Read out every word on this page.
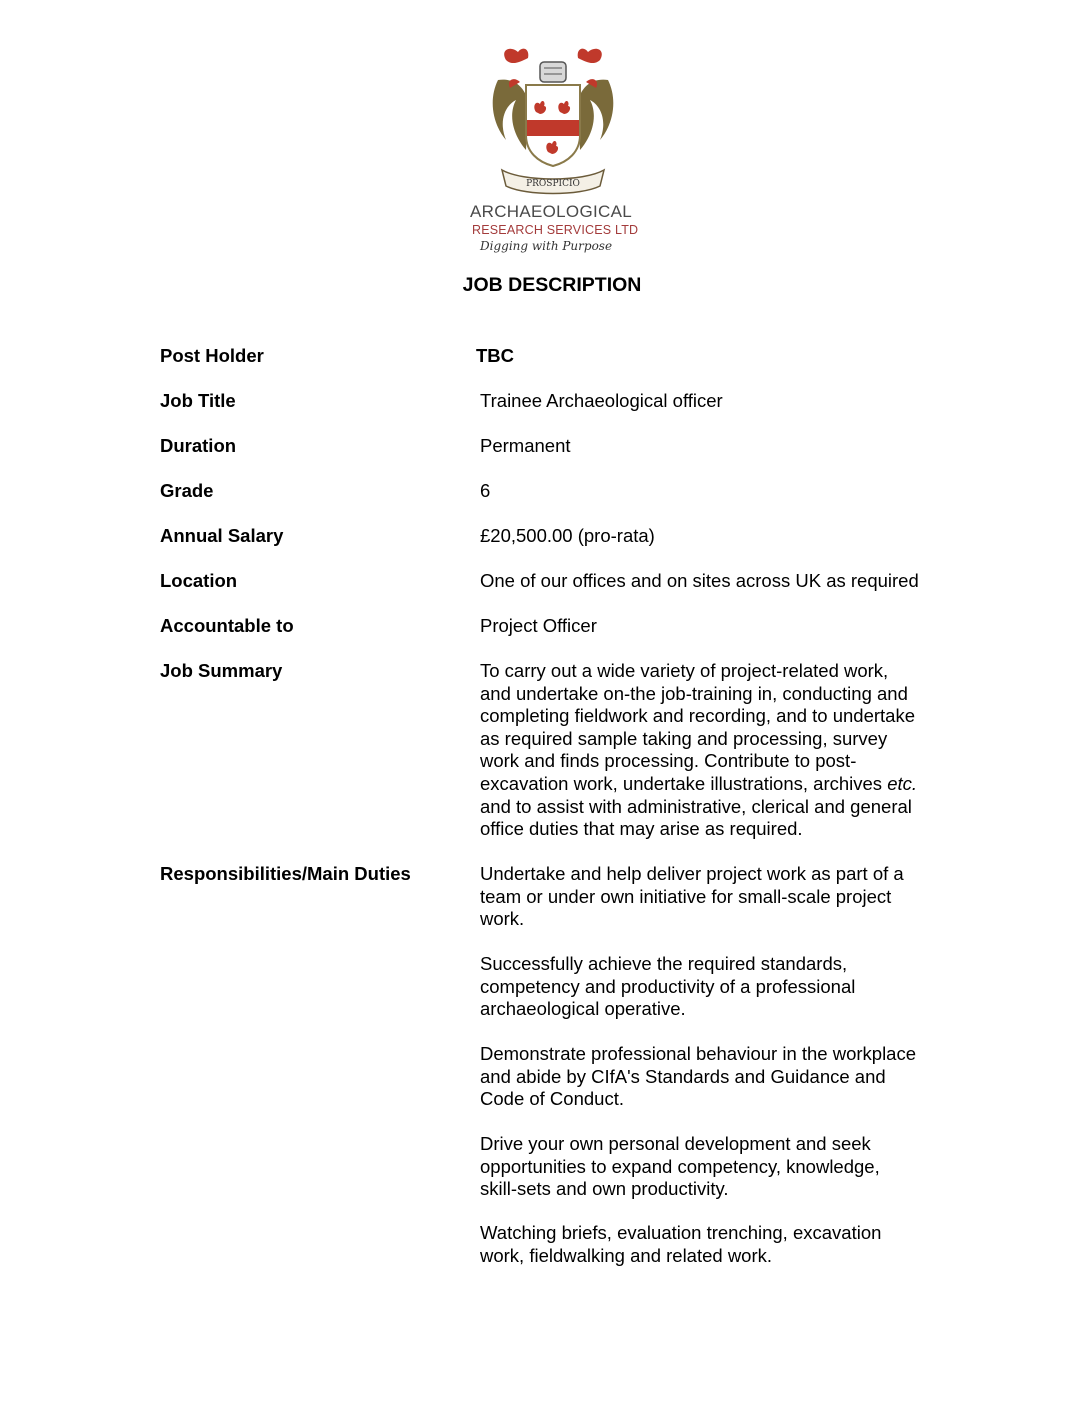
PROSPICIO
ARCHAEOLOGICAL
RESEARCH SERVICES LTD
Digging with Purpose
JOB DESCRIPTION
Post Holder	TBC
Job Title	Trainee Archaeological officer
Duration	Permanent
Grade	6
Annual Salary	£20,500.00 (pro-rata)
Location	One of our offices and on sites across UK as required
Accountable to	Project Officer
Job Summary	To carry out a wide variety of project-related work,
and undertake on-the job-training in, conducting and
completing fieldwork and recording, and to undertake
as required sample taking and processing, survey
work and finds processing. Contribute to post-
excavation work, undertake illustrations, archives etc.
and to assist with administrative, clerical and general
office duties that may arise as required.
Responsibilities/Main Duties	Undertake and help deliver project work as part of a
team or under own initiative for small-scale project
work.
Successfully achieve the required standards,
competency and productivity of a professional
archaeological operative.
Demonstrate professional behaviour in the workplace
and abide by CIfA's Standards and Guidance and
Code of Conduct.
Drive your own personal development and seek
opportunities to expand competency, knowledge,
skill-sets and own productivity.
Watching briefs, evaluation trenching, excavation
work, fieldwalking and related work.
